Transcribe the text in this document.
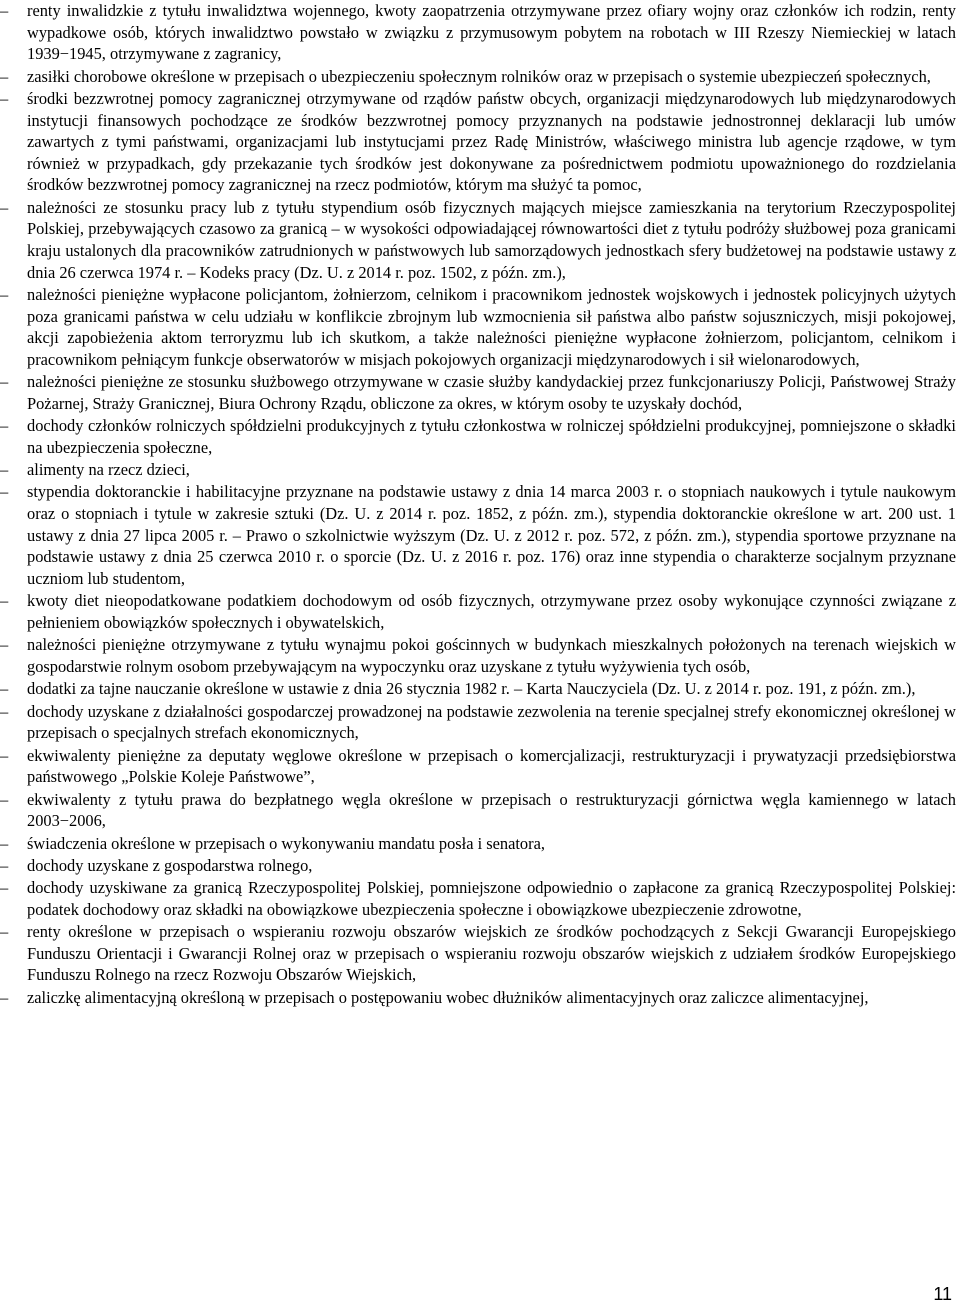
–	renty inwalidzkie z tytułu inwalidztwa wojennego, kwoty zaopatrzenia otrzymywane przez ofiary wojny oraz członków ich rodzin, renty wypadkowe osób, których inwalidztwo powstało w związku z przymusowym pobytem na robotach w III Rzeszy Niemieckiej w latach 1939−1945, otrzymywane z zagranicy,
–	zasiłki chorobowe określone w przepisach o ubezpieczeniu społecznym rolników oraz w przepisach o systemie ubezpieczeń społecznych,
–	środki bezzwrotnej pomocy zagranicznej otrzymywane od rządów państw obcych, organizacji międzynarodowych lub międzynarodowych instytucji finansowych pochodzące ze środków bezzwrotnej pomocy przyznanych na podstawie jednostronnej deklaracji lub umów zawartych z tymi państwami, organizacjami lub instytucjami przez Radę Ministrów, właściwego ministra lub agencje rządowe, w tym również w przypadkach, gdy przekazanie tych środków jest dokonywane za pośrednictwem podmiotu upoważnionego do rozdzielania środków bezzwrotnej pomocy zagranicznej na rzecz podmiotów, którym ma służyć ta pomoc,
–	należności ze stosunku pracy lub z tytułu stypendium osób fizycznych mających miejsce zamieszkania na terytorium Rzeczypospolitej Polskiej, przebywających czasowo za granicą – w wysokości odpowiadającej równowartości diet z tytułu podróży służbowej poza granicami kraju ustalonych dla pracowników zatrudnionych w państwowych lub samorządowych jednostkach sfery budżetowej na podstawie ustawy z dnia 26 czerwca 1974 r. – Kodeks pracy (Dz. U. z 2014 r. poz. 1502, z późn. zm.),
–	należności pieniężne wypłacone policjantom, żołnierzom, celnikom i pracownikom jednostek wojskowych i jednostek policyjnych użytych poza granicami państwa w celu udziału w konflikcie zbrojnym lub wzmocnienia sił państwa albo państw sojuszniczych, misji pokojowej, akcji zapobieżenia aktom terroryzmu lub ich skutkom, a także należności pieniężne wypłacone żołnierzom, policjantom, celnikom i pracownikom pełniącym funkcje obserwatorów w misjach pokojowych organizacji międzynarodowych i sił wielonarodowych,
–	należności pieniężne ze stosunku służbowego otrzymywane w czasie służby kandydackiej przez funkcjonariuszy Policji, Państwowej Straży Pożarnej, Straży Granicznej, Biura Ochrony Rządu, obliczone za okres, w którym osoby te uzyskały dochód,
–	dochody członków rolniczych spółdzielni produkcyjnych z tytułu członkostwa w rolniczej spółdzielni produkcyjnej, pomniejszone o składki na ubezpieczenia społeczne,
–	alimenty na rzecz dzieci,
–	stypendia doktoranckie i habilitacyjne przyznane na podstawie ustawy z dnia 14 marca 2003 r. o stopniach naukowych i tytule naukowym oraz o stopniach i tytule w zakresie sztuki (Dz. U. z 2014 r. poz. 1852, z późn. zm.), stypendia doktoranckie określone w art. 200 ust. 1 ustawy z dnia 27 lipca 2005 r. – Prawo o szkolnictwie wyższym (Dz. U. z 2012 r. poz. 572, z późn. zm.), stypendia sportowe przyznane na podstawie ustawy z dnia 25 czerwca 2010 r. o sporcie (Dz. U. z 2016 r. poz. 176) oraz inne stypendia o charakterze socjalnym przyznane uczniom lub studentom,
–	kwoty diet nieopodatkowane podatkiem dochodowym od osób fizycznych, otrzymywane przez osoby wykonujące czynności związane z pełnieniem obowiązków społecznych i obywatelskich,
–	należności pieniężne otrzymywane z tytułu wynajmu pokoi gościnnych w budynkach mieszkalnych położonych na terenach wiejskich w gospodarstwie rolnym osobom przebywającym na wypoczynku oraz uzyskane z tytułu wyżywienia tych osób,
–	dodatki za tajne nauczanie określone w ustawie z dnia 26 stycznia 1982 r. – Karta Nauczyciela (Dz. U. z 2014 r. poz. 191, z późn. zm.),
–	dochody uzyskane z działalności gospodarczej prowadzonej na podstawie zezwolenia na terenie specjalnej strefy ekonomicznej określonej w przepisach o specjalnych strefach ekonomicznych,
–	ekwiwalenty pieniężne za deputaty węglowe określone w przepisach o komercjalizacji, restrukturyzacji i prywatyzacji przedsiębiorstwa państwowego „Polskie Koleje Państwowe”,
–	ekwiwalenty z tytułu prawa do bezpłatnego węgla określone w przepisach o restrukturyzacji górnictwa węgla kamiennego w latach 2003−2006,
–	świadczenia określone w przepisach o wykonywaniu mandatu posła i senatora,
–	dochody uzyskane z gospodarstwa rolnego,
–	dochody uzyskiwane za granicą Rzeczypospolitej Polskiej, pomniejszone odpowiednio o zapłacone za granicą Rzeczypospolitej Polskiej: podatek dochodowy oraz składki na obowiązkowe ubezpieczenia społeczne i obowiązkowe ubezpieczenie zdrowotne,
–	renty określone w przepisach o wspieraniu rozwoju obszarów wiejskich ze środków pochodzących z Sekcji Gwarancji Europejskiego Funduszu Orientacji i Gwarancji Rolnej oraz w przepisach o wspieraniu rozwoju obszarów wiejskich z udziałem środków Europejskiego Funduszu Rolnego na rzecz Rozwoju Obszarów Wiejskich,
–	zaliczkę alimentacyjną określoną w przepisach o postępowaniu wobec dłużników alimentacyjnych oraz zaliczce alimentacyjnej,
11
